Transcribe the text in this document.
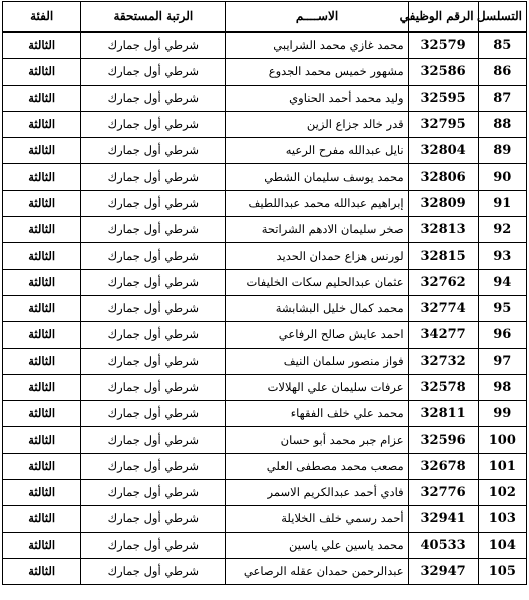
التسلسل	الرقم الوظيفي	الاســــم	الرتبة المستحقة	الفئة
85	32579	محمد غازي محمد الشرايبي	شرطي أول جمارك	الثالثة
86	32586	مشهور خميس محمد الجدوع	شرطي أول جمارك	الثالثة
87	32595	وليد محمد أحمد الحناوي	شرطي أول جمارك	الثالثة
88	32795	قدر خالد جزاع الزين	شرطي أول جمارك	الثالثة
89	32804	نايل عبدالله مفرح الرعيه	شرطي أول جمارك	الثالثة
90	32806	محمد يوسف سليمان الشطي	شرطي أول جمارك	الثالثة
91	32809	إبراهيم عبدالله محمد عبداللطيف	شرطي أول جمارك	الثالثة
92	32813	صخر سليمان الادهم الشراتحة	شرطي أول جمارك	الثالثة
93	32815	لورنس هزاع حمدان الحديد	شرطي أول جمارك	الثالثة
94	32762	عثمان عبدالحليم سكات الخليفات	شرطي أول جمارك	الثالثة
95	32774	محمد كمال خليل البشابشة	شرطي أول جمارك	الثالثة
96	34277	احمد عايش صالح الرفاعي	شرطي أول جمارك	الثالثة
97	32732	فواز منصور سلمان النيف	شرطي أول جمارك	الثالثة
98	32578	عرفات سليمان علي الهلالات	شرطي أول جمارك	الثالثة
99	32811	محمد علي خلف الفقهاء	شرطي أول جمارك	الثالثة
100	32596	عزام جبر محمد أبو حسان	شرطي أول جمارك	الثالثة
101	32678	مصعب محمد مصطفى العلي	شرطي أول جمارك	الثالثة
102	32776	فادي أحمد عبدالكريم الاسمر	شرطي أول جمارك	الثالثة
103	32941	أحمد رسمي خلف الخلايلة	شرطي أول جمارك	الثالثة
104	40533	محمد ياسين علي ياسين	شرطي أول جمارك	الثالثة
105	32947	عبدالرحمن حمدان عقله الرصاعي	شرطي أول جمارك	الثالثة
